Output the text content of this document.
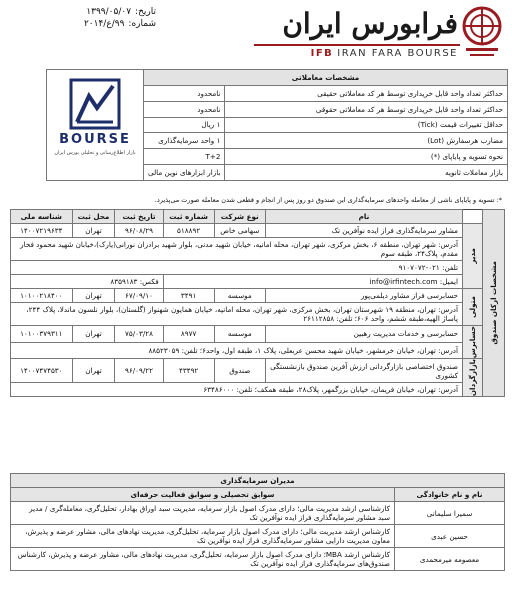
تاریخ:
۱۳۹۹/۰۵/۰۷
شماره:
۹۹/ع/۲۰۱۴	فرابورس ایران
IFB IRAN FARA BOURSE
مشخصات معاملاتی		BOURSE
بازار اطلاع‌رسانی و تحلیلی بورس ایران

حداکثر تعداد واحد قابل خریداری توسط هر کد معاملاتی حقیقی	نامحدود	
حداکثر تعداد واحد قابل خریداری توسط هر کد معاملاتی حقوقی	نامحدود	
حداقل تغییرات قیمت (Tick)	۱ ریال	
مضارب هرسفارش (Lot)	۱ واحد سرمایه‌گذاری	
نحوه تسویه و پایاپای (*)	T+2	
بازار معاملات ثانویه	بازار ابزارهای نوین مالی	
*: تسویه و پایاپای ناشی از معامله واحدهای سرمایه‌گذاری این صندوق دو روز پس از انجام و قطعی شدن معامله صورت می‌پذیرد.
مشخصات ارکان صندوق		نام	نوع شرکت	شماره ثبت	تاریخ ثبت	محل ثبت	شناسه ملی

	مدیر	مشاور سرمایه‌گذاری فراز ایده نوآفرین تک	سهامی خاص	۵۱۸۸۹۲	۹۶/۰۸/۲۹	تهران	۱۴۰۰۷۲۱۹۶۳۴
		آدرس: شهر تهران، منطقه ۶، بخش مرکزی، شهر تهران، محله امانیه، خیابان شهید مدنی، بلوار شهید برادران نورانی(یارک)،خیابان شهید محمود فخار مقدم، پلاک۲۴، طبقه سوم					
		تلفن: ۰۲۱-۹۱۰۷۰۷۲					
		ایمیل: info@irfintech.com			فکس: ۸۳۵۹۱۸۳		

	متولی	حسابرسی فراز مشاور دیلمی‌پور	موسسه	۳۴۹۱	۶۷/۰۹/۱۰	تهران	۱۰۱۰۰۲۱۸۴۰۰
		آدرس: تهران، منطقه ۱۹ شهرستان تهران، بخش مرکزی، شهر تهران، محله امانیه، خیابان همایون شهنواز (گلستان)، بلوار نلسون ماندلا، پلاک ۲۴۴، پاساژ الهیه،طبقه ششم، واحد ۶۰۶؛ تلفن: ۲۶۱۱۲۸۵۸					

	حسابرس	حسابرسی و خدمات مدیریت رهبین	موسسه	۸۹۷۷	۷۵/۰۳/۲۸	تهران	۱۰۱۰۰۳۷۹۳۱۱
		آدرس: تهران، خیابان خرمشهر، خیابان شهید محسن عربعلی، پلاک ۱، طبقه اول، واحد۶؛ تلفن: ۸۸۵۲۳۰۵۹					

	بازارگردان	صندوق اختصاصی بازارگردانی ارزش آفرین صندوق بازنشستگی کشوری	صندوق	۴۳۴۹۲	۹۶/۰۹/۲۲	تهران	۱۴۰۰۷۴۷۴۵۳۰
		آدرس: تهران، خیابان فریمان، خیابان بزرگمهر، پلاک۲۸، طبقه همکف؛ تلفن: ۶۳۴۸۶۰۰۰					
مدیران سرمایه‌گذاری	
نام و نام خانوادگی	سوابق تحصیلی و سوابق فعالیت حرفه‌ای
سمیرا سلیمانی	کارشناسی ارشد مدیریت مالی؛ دارای مدرک اصول بازار سرمایه، مدیریت سبد اوراق بهادار، تحلیل‌گری، معامله‌گری / مدیر سبد مشاور سرمایه‌گذاری فراز ایده نوآفرین تک
حسین عبدی	کارشناس ارشد مدیریت مالی؛ دارای مدرک اصول بازار سرمایه، تحلیل‌گری، مدیریت نهادهای مالی، مشاور عرضه و پذیرش، معاون مدیریت دارایی مشاور سرمایه‌گذاری فراز ایده نوآفرین تک
معصومه میرمحمدی	کارشناس ارشد MBA؛ دارای مدرک اصول بازار سرمایه، تحلیل‌گری، مدیریت نهادهای مالی، مشاور عرضه و پذیرش، کارشناس صندوق‌های سرمایه‌گذاری فراز ایده نوآفرین تک
